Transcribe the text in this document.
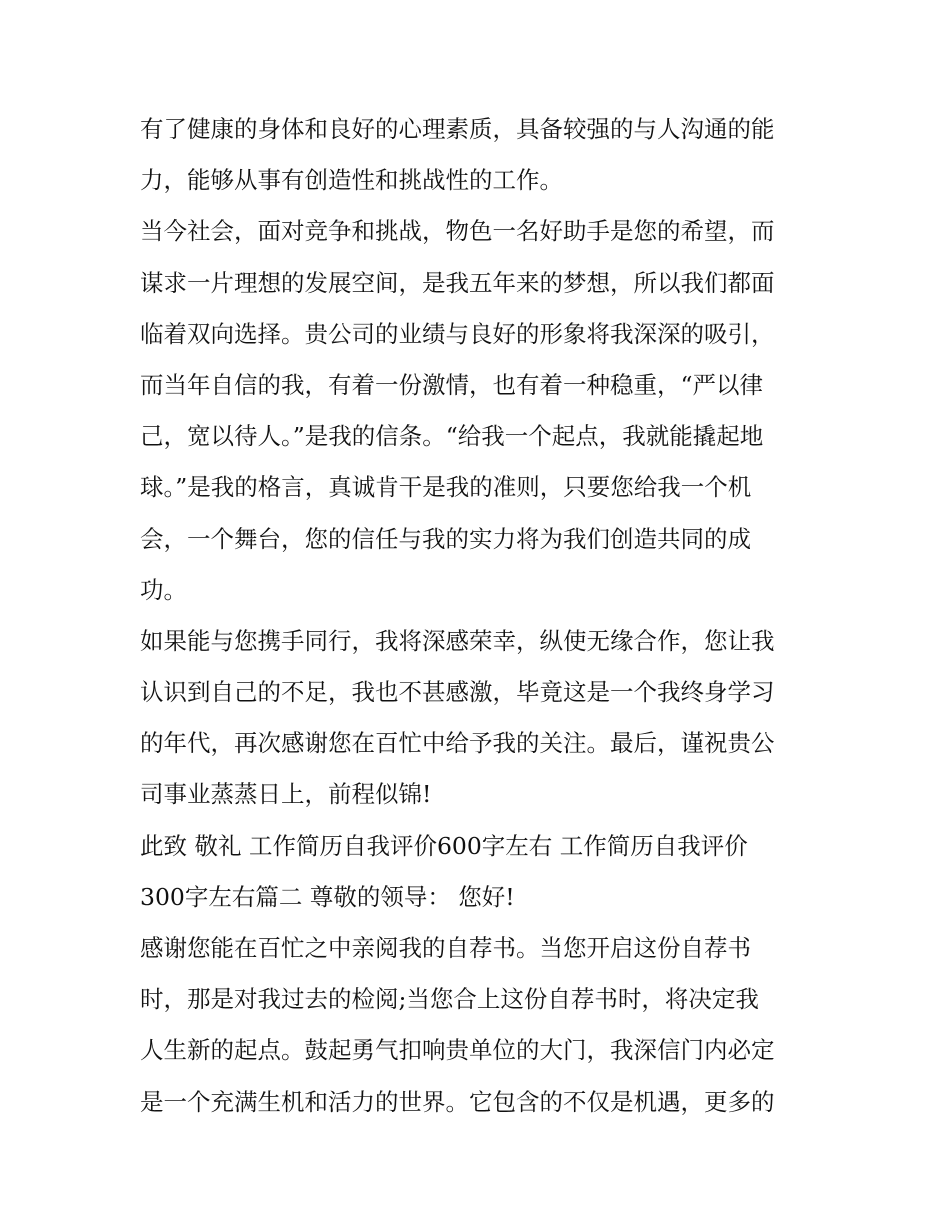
有了健康的身体和良好的心理素质，具备较强的与人沟通的能
力，能够从事有创造性和挑战性的工作。
当今社会，面对竞争和挑战，物色一名好助手是您的希望，而
谋求一片理想的发展空间，是我五年来的梦想，所以我们都面
临着双向选择。贵公司的业绩与良好的形象将我深深的吸引，
而当年自信的我，有着一份激情，也有着一种稳重，“严以律
己，宽以待人。”是我的信条。“给我一个起点，我就能撬起地
球。”是我的格言，真诚肯干是我的准则，只要您给我一个机
会，一个舞台，您的信任与我的实力将为我们创造共同的成
功。
如果能与您携手同行，我将深感荣幸，纵使无缘合作，您让我
认识到自己的不足，我也不甚感激，毕竟这是一个我终身学习
的年代，再次感谢您在百忙中给予我的关注。最后，谨祝贵公
司事业蒸蒸日上，前程似锦!
此致 敬礼 工作简历自我评价600字左右 工作简历自我评价
300字左右篇二 尊敬的领导： 您好!
感谢您能在百忙之中亲阅我的自荐书。当您开启这份自荐书
时，那是对我过去的检阅;当您合上这份自荐书时，将决定我
人生新的起点。鼓起勇气扣响贵单位的大门，我深信门内必定
是一个充满生机和活力的世界。它包含的不仅是机遇，更多的
